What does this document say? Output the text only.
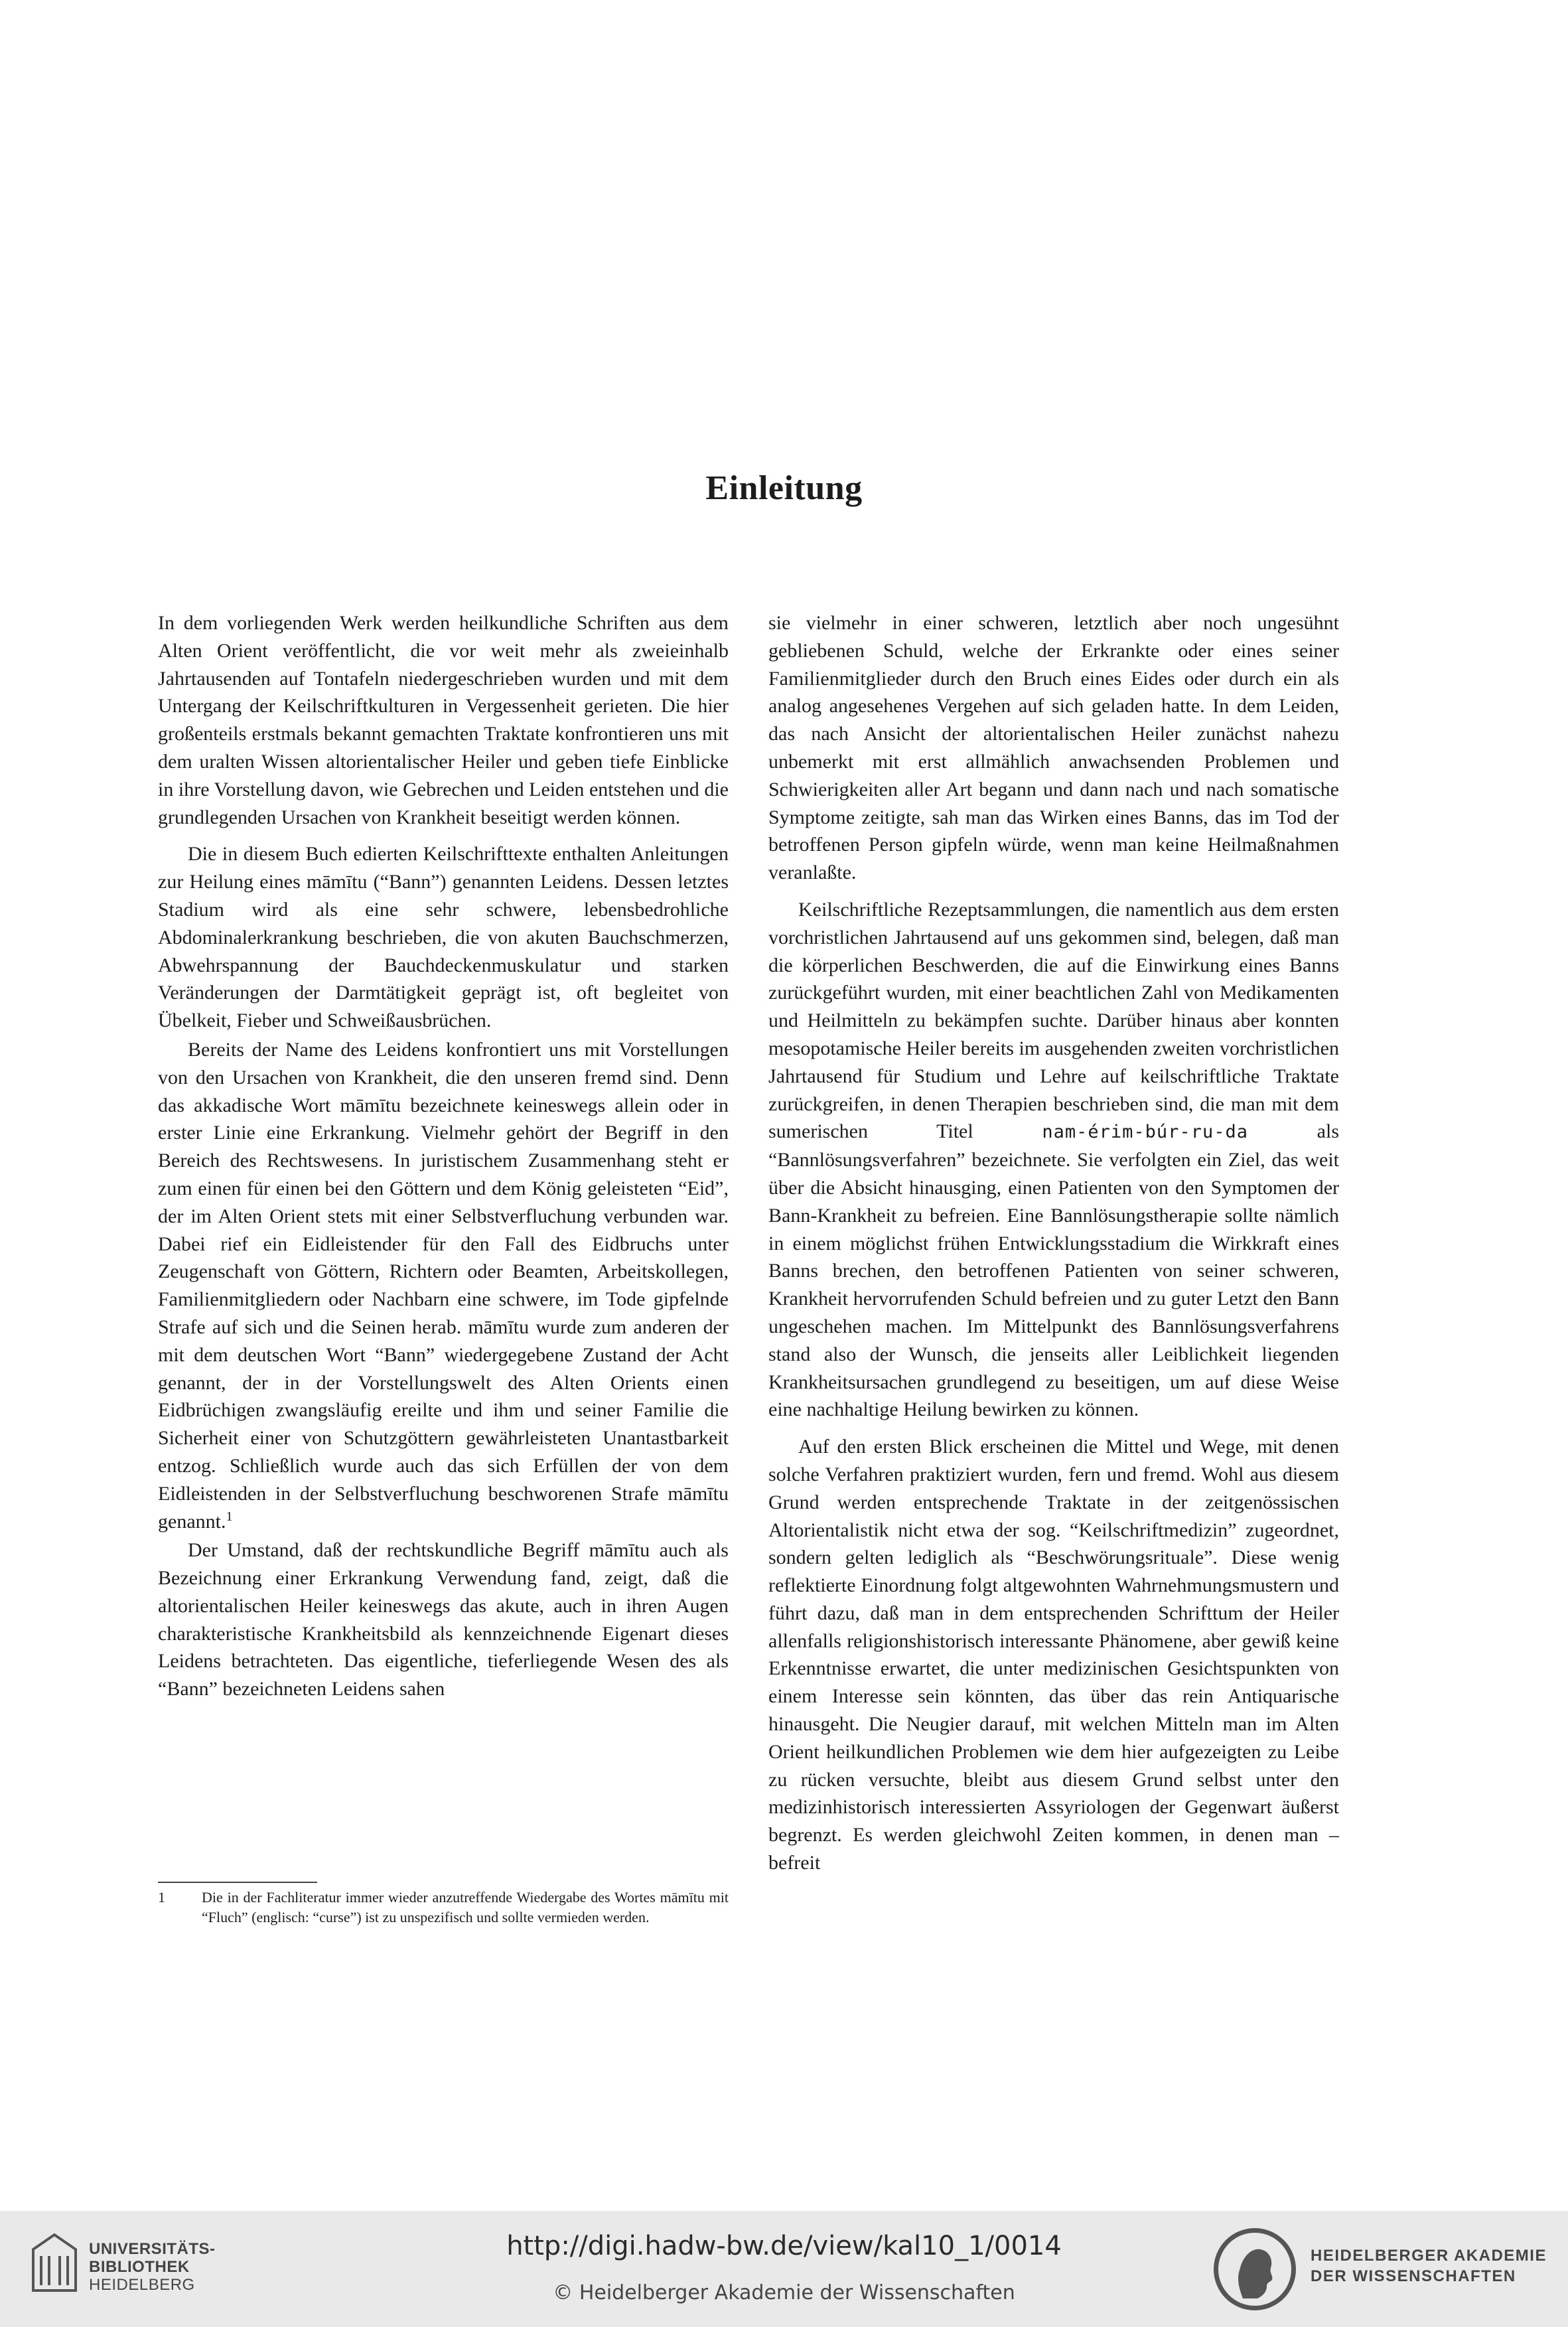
Einleitung

In dem vorliegenden Werk werden heilkundliche Schriften aus dem Alten Orient veröffentlicht, die vor weit mehr als zweieinhalb Jahrtausenden auf Tontafeln niedergeschrieben wurden und mit dem Untergang der Keilschriftkulturen in Vergessenheit gerieten. Die hier großenteils erstmals bekannt gemachten Traktate konfrontieren uns mit dem uralten Wissen altorientalischer Heiler und geben tiefe Einblicke in ihre Vorstellung davon, wie Gebrechen und Leiden entstehen und die grundlegenden Ursachen von Krankheit beseitigt werden können.

Die in diesem Buch edierten Keilschrifttexte enthalten Anleitungen zur Heilung eines māmītu (“Bann”) genannten Leidens. Dessen letztes Stadium wird als eine sehr schwere, lebensbedrohliche Abdominalerkrankung beschrieben, die von akuten Bauchschmerzen, Abwehrspannung der Bauchdeckenmuskulatur und starken Veränderungen der Darmtätigkeit geprägt ist, oft begleitet von Übelkeit, Fieber und Schweißausbrüchen.

Bereits der Name des Leidens konfrontiert uns mit Vorstellungen von den Ursachen von Krankheit, die den unseren fremd sind. Denn das akkadische Wort māmītu bezeichnete keineswegs allein oder in erster Linie eine Erkrankung. Vielmehr gehört der Begriff in den Bereich des Rechtswesens. In juristischem Zusammenhang steht er zum einen für einen bei den Göttern und dem König geleisteten “Eid”, der im Alten Orient stets mit einer Selbstverfluchung verbunden war. Dabei rief ein Eidleistender für den Fall des Eidbruchs unter Zeugenschaft von Göttern, Richtern oder Beamten, Arbeitskollegen, Familienmitgliedern oder Nachbarn eine schwere, im Tode gipfelnde Strafe auf sich und die Seinen herab. māmītu wurde zum anderen der mit dem deutschen Wort “Bann” wiedergegebene Zustand der Acht genannt, der in der Vorstellungswelt des Alten Orients einen Eidbrüchigen zwangsläufig ereilte und ihm und seiner Familie die Sicherheit einer von Schutzgöttern gewährleisteten Unantastbarkeit entzog. Schließlich wurde auch das sich Erfüllen der von dem Eidleistenden in der Selbstverfluchung beschworenen Strafe māmītu genannt.$^1$

Der Umstand, daß der rechtskundliche Begriff māmītu auch als Bezeichnung einer Erkrankung Verwendung fand, zeigt, daß die altorientalischen Heiler keineswegs das akute, auch in ihren Augen charakteristische Krankheitsbild als kennzeichnende Eigenart dieses Leidens betrachteten. Das eigentliche, tieferliegende Wesen des als “Bann” bezeichneten Leidens sahen

sie vielmehr in einer schweren, letztlich aber noch ungesühnt gebliebenen Schuld, welche der Erkrankte oder eines seiner Familienmitglieder durch den Bruch eines Eides oder durch ein als analog angesehenes Vergehen auf sich geladen hatte. In dem Leiden, das nach Ansicht der altorientalischen Heiler zunächst nahezu unbemerkt mit erst allmählich anwachsenden Problemen und Schwierigkeiten aller Art begann und dann nach und nach somatische Symptome zeitigte, sah man das Wirken eines Banns, das im Tod der betroffenen Person gipfeln würde, wenn man keine Heilmaßnahmen veranlaßte.

Keilschriftliche Rezeptsammlungen, die namentlich aus dem ersten vorchristlichen Jahrtausend auf uns gekommen sind, belegen, daß man die körperlichen Beschwerden, die auf die Einwirkung eines Banns zurückgeführt wurden, mit einer beachtlichen Zahl von Medikamenten und Heilmitteln zu bekämpfen suchte. Darüber hinaus aber konnten mesopotamische Heiler bereits im ausgehenden zweiten vorchristlichen Jahrtausend für Studium und Lehre auf keilschriftliche Traktate zurückgreifen, in denen Therapien beschrieben sind, die man mit dem sumerischen Titel	nam-érim-búr-ru-da	als “Bannlösungsverfahren” bezeichnete. Sie verfolgten ein Ziel, das weit über die Absicht hinausging, einen Patienten von den Symptomen der Bann-Krankheit zu befreien. Eine Bannlösungstherapie sollte nämlich in einem möglichst frühen Entwicklungsstadium die Wirkkraft eines Banns brechen, den betroffenen Patienten von seiner schweren, Krankheit hervorrufenden Schuld befreien und zu guter Letzt den Bann ungeschehen machen. Im Mittelpunkt des Bannlösungsverfahrens stand also der Wunsch, die jenseits aller Leiblichkeit liegenden Krankheitsursachen grundlegend zu beseitigen, um auf diese Weise eine nachhaltige Heilung bewirken zu können.

Auf den ersten Blick erscheinen die Mittel und Wege, mit denen solche Verfahren praktiziert wurden, fern und fremd. Wohl aus diesem Grund werden entsprechende Traktate in der zeitgenössischen Altorientalistik nicht etwa der sog. “Keilschriftmedizin” zugeordnet, sondern gelten lediglich als “Beschwörungsrituale”. Diese wenig reflektierte Einordnung folgt altgewohnten Wahrnehmungsmustern und führt dazu, daß man in dem entsprechenden Schrifttum der Heiler allenfalls religionshistorisch interessante Phänomene, aber gewiß keine Erkenntnisse erwartet, die unter medizinischen Gesichtspunkten von einem Interesse sein könnten, das über das rein Antiquarische hinausgeht. Die Neugier darauf, mit welchen Mitteln man im Alten Orient heilkundlichen Problemen wie dem hier aufgezeigten zu Leibe zu rücken versuchte, bleibt aus diesem Grund selbst unter den medizinhistorisch interessierten Assyriologen der Gegenwart äußerst begrenzt. Es werden gleichwohl Zeiten kommen, in denen man – befreit

1	Die in der Fachliteratur immer wieder anzutreffende Wiedergabe des Wortes māmītu mit “Fluch” (englisch: “curse”) ist zu unspezifisch und sollte vermieden werden.
UNIVERSITÄTS-
BIBLIOTHEK
HEIDELBERG
http://digi.hadw-bw.de/view/kal10_1/0014
© Heidelberger Akademie der Wissenschaften
HEIDELBERGER AKADEMIE
DER WISSENSCHAFTEN
